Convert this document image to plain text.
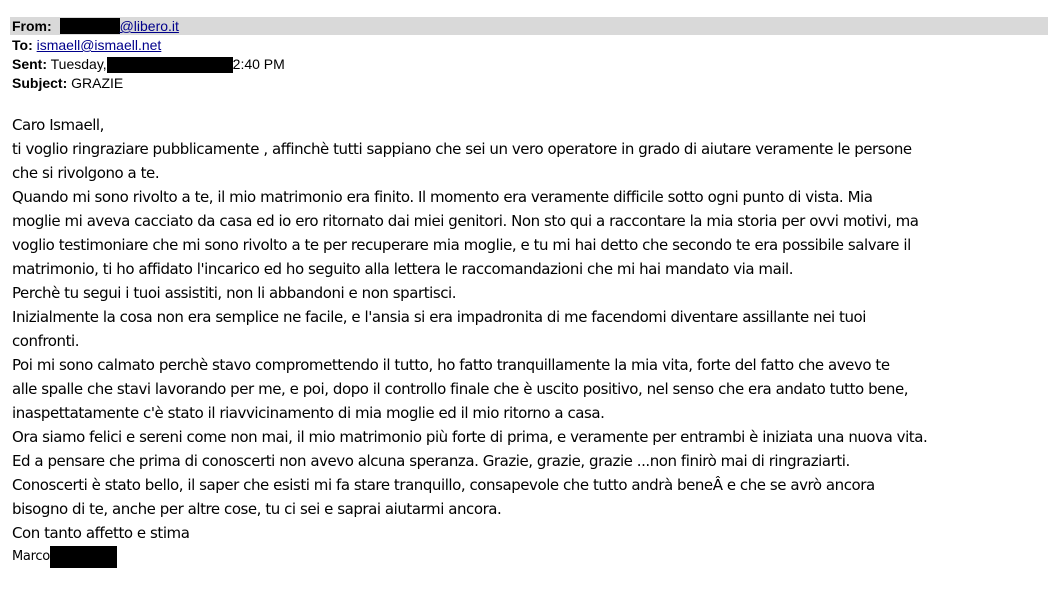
From:	@libero.it
To: ismaell@ismaell.net
Sent: Tuesday,	2:40 PM
Subject: GRAZIE
Caro Ismaell,
ti voglio ringraziare pubblicamente , affinchè tutti sappiano che sei un vero operatore in grado di aiutare veramente le persone
che si rivolgono a te.
Quando mi sono rivolto a te, il mio matrimonio era finito. Il momento era veramente difficile sotto ogni punto di vista. Mia
moglie mi aveva cacciato da casa ed io ero ritornato dai miei genitori. Non sto qui a raccontare la mia storia per ovvi motivi, ma
voglio testimoniare che mi sono rivolto a te per recuperare mia moglie, e tu mi hai detto che secondo te era possibile salvare il
matrimonio, ti ho affidato l'incarico ed ho seguito alla lettera le raccomandazioni che mi hai mandato via mail.
Perchè tu segui i tuoi assistiti, non li abbandoni e non spartisci.
Inizialmente la cosa non era semplice ne facile, e l'ansia si era impadronita di me facendomi diventare assillante nei tuoi
confronti.
Poi mi sono calmato perchè stavo compromettendo il tutto, ho fatto tranquillamente la mia vita, forte del fatto che avevo te
alle spalle che stavi lavorando per me, e poi, dopo il controllo finale che è uscito positivo, nel senso che era andato tutto bene,
inaspettatamente c'è stato il riavvicinamento di mia moglie ed il mio ritorno a casa.
Ora siamo felici e sereni come non mai, il mio matrimonio più forte di prima, e veramente per entrambi è iniziata una nuova vita.
Ed a pensare che prima di conoscerti non avevo alcuna speranza. Grazie, grazie, grazie ...non finirò mai di ringraziarti.
Conoscerti è stato bello, il saper che esisti mi fa stare tranquillo, consapevole che tutto andrà beneÂ e che se avrò ancora
bisogno di te, anche per altre cose, tu ci sei e saprai aiutarmi ancora.
Con tanto affetto e stima
Marco
